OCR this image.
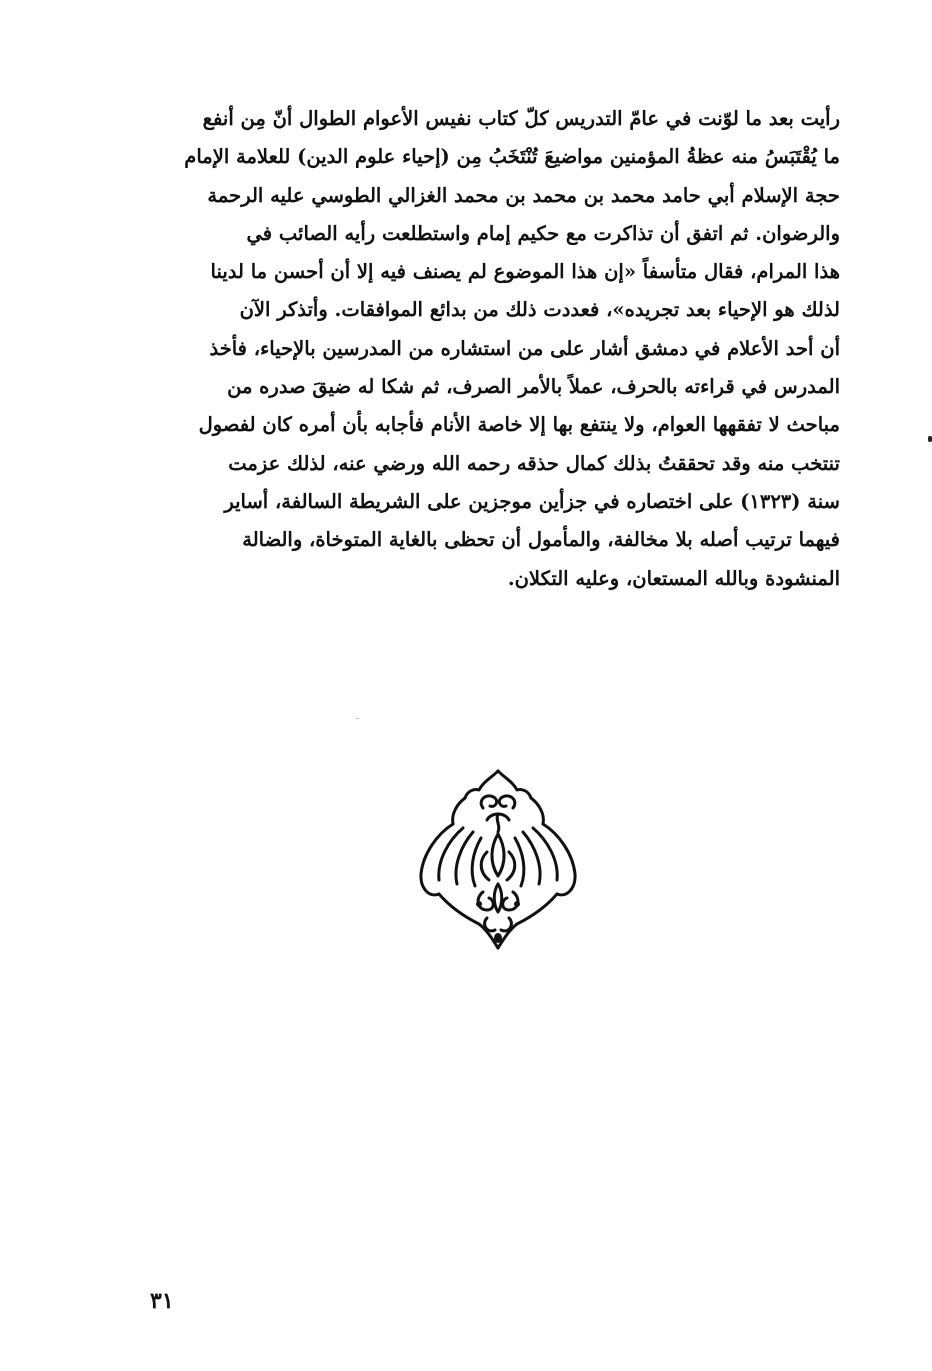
رأيت بعد ما لوّنت في عامّ التدريس كلّ كتاب نفيس الأعوام الطوال أنّ مِن أنفع
ما يُقْتَبَسُ منه عظةُ المؤمنين مواضيعَ تُنْتَخَبُ مِن (إحياء علوم الدين) للعلامة الإمام
حجة الإسلام أبي حامد محمد بن محمد بن محمد الغزالي الطوسي عليه الرحمة
والرضوان. ثم اتفق أن تذاكرت مع حكيم إمام واستطلعت رأيه الصائب في
هذا المرام، فقال متأسفاً «إن هذا الموضوع لم يصنف فيه إلا أن أحسن ما لدينا
لذلك هو الإحياء بعد تجريده»، فعددت ذلك من بدائع الموافقات. وأتذكر الآن
أن أحد الأعلام في دمشق أشار على من استشاره من المدرسين بالإحياء، فأخذ
المدرس في قراءته بالحرف، عملاً بالأمر الصرف، ثم شكا له ضيقَ صدره من
مباحث لا تفقهها العوام، ولا ينتفع بها إلا خاصة الأنام فأجابه بأن أمره كان لفصول
تنتخب منه وقد تحققتُ بذلك كمال حذقه رحمه الله ورضي عنه، لذلك عزمت
سنة (١٣٢٣) على اختصاره في جزأين موجزين على الشريطة السالفة، أساير
فيهما ترتيب أصله بلا مخالفة، والمأمول أن تحظى بالغاية المتوخاة، والضالة
المنشودة وبالله المستعان، وعليه التكلان.
٣١
